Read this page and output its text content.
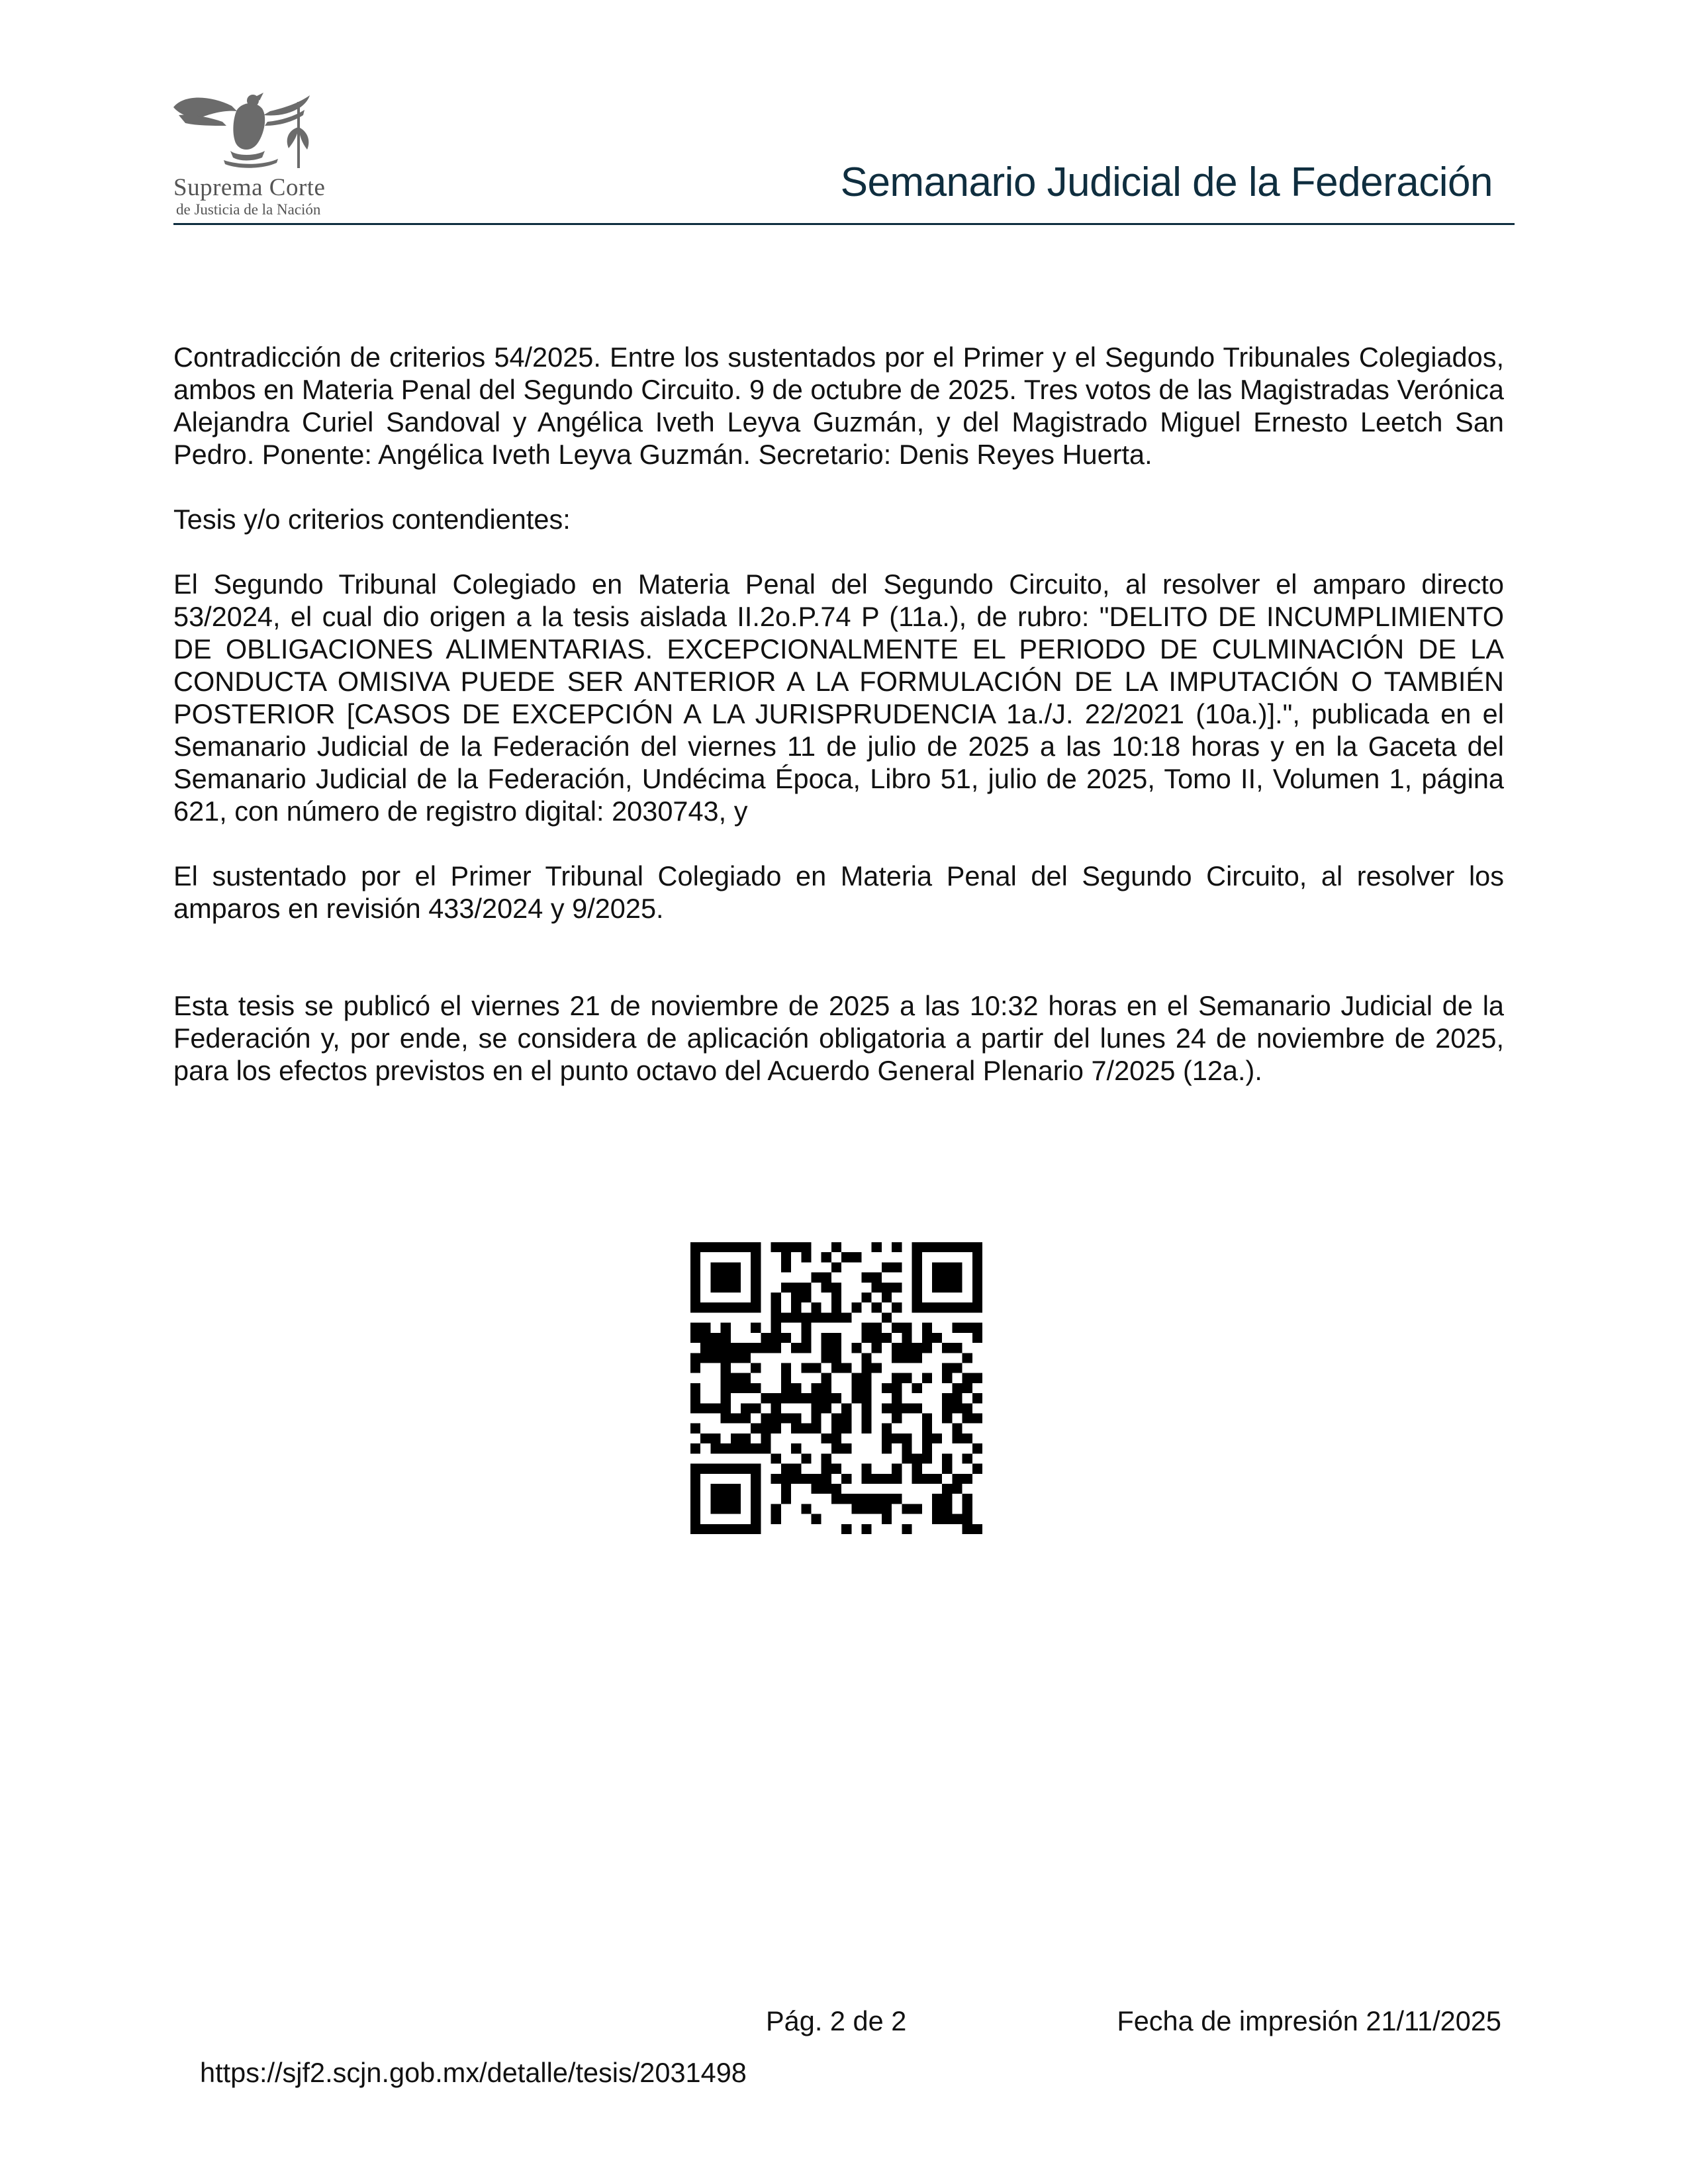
Suprema Corte
de Justicia de la Nación
Semanario Judicial de la Federación

Contradicción de criterios 54/2025. Entre los sustentados por el Primer y el Segundo Tribunales Colegiados, ambos en Materia Penal del Segundo Circuito. 9 de octubre de 2025. Tres votos de las Magistradas Verónica Alejandra Curiel Sandoval y Angélica Iveth Leyva Guzmán, y del Magistrado Miguel Ernesto Leetch San Pedro. Ponente: Angélica Iveth Leyva Guzmán. Secretario: Denis Reyes Huerta.

Tesis y/o criterios contendientes:

El Segundo Tribunal Colegiado en Materia Penal del Segundo Circuito, al resolver el amparo directo 53/2024, el cual dio origen a la tesis aislada II.2o.P.74 P (11a.), de rubro: "DELITO DE INCUMPLIMIENTO DE OBLIGACIONES ALIMENTARIAS. EXCEPCIONALMENTE EL PERIODO DE CULMINACIÓN DE LA CONDUCTA OMISIVA PUEDE SER ANTERIOR A LA FORMULACIÓN DE LA IMPUTACIÓN O TAMBIÉN POSTERIOR [CASOS DE EXCEPCIÓN A LA JURISPRUDENCIA 1a./J. 22/2021 (10a.)].", publicada en el Semanario Judicial de la Federación del viernes 11 de julio de 2025 a las 10:18 horas y en la Gaceta del Semanario Judicial de la Federación, Undécima Época, Libro 51, julio de 2025, Tomo II, Volumen 1, página 621, con número de registro digital: 2030743, y

El sustentado por el Primer Tribunal Colegiado en Materia Penal del Segundo Circuito, al resolver los amparos en revisión 433/2024 y 9/2025.

Esta tesis se publicó el viernes 21 de noviembre de 2025 a las 10:32 horas en el Semanario Judicial de la Federación y, por ende, se considera de aplicación obligatoria a partir del lunes 24 de noviembre de 2025, para los efectos previstos en el punto octavo del Acuerdo General Plenario 7/2025 (12a.).

Pág. 2 de 2	Fecha de impresión 21/11/2025
https://sjf2.scjn.gob.mx/detalle/tesis/2031498
